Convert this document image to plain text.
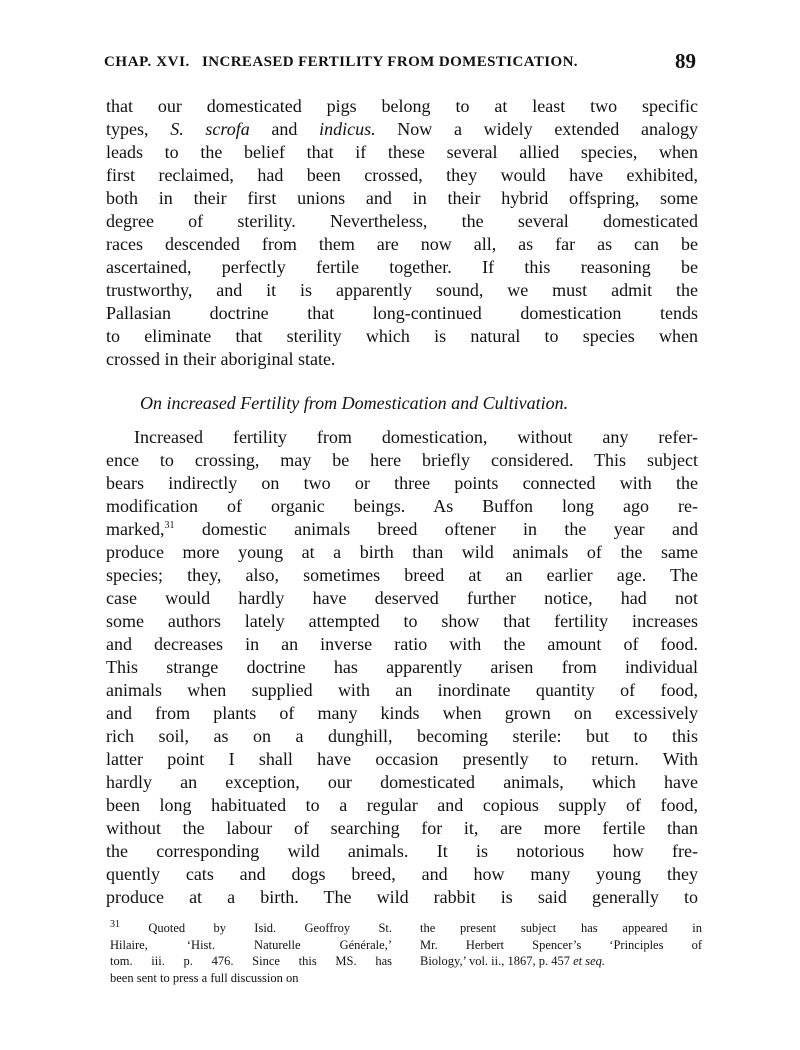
CHAP. XVI. INCREASED FERTILITY FROM DOMESTICATION.	89
that our domesticated pigs belong to at least two specific
types, S. scrofa and indicus. Now a widely extended analogy
leads to the belief that if these several allied species, when
first reclaimed, had been crossed, they would have exhibited,
both in their first unions and in their hybrid offspring, some
degree of sterility. Nevertheless, the several domesticated
races descended from them are now all, as far as can be
ascertained, perfectly fertile together. If this reasoning be
trustworthy, and it is apparently sound, we must admit the
Pallasian doctrine that long-continued domestication tends
to eliminate that sterility which is natural to species when
crossed in their aboriginal state.
On increased Fertility from Domestication and Cultivation.
Increased fertility from domestication, without any refer-
ence to crossing, may be here briefly considered. This subject
bears indirectly on two or three points connected with the
modification of organic beings. As Buffon long ago re-
marked,$^{31}$ domestic animals breed oftener in the year and
produce more young at a birth than wild animals of the same
species; they, also, sometimes breed at an earlier age. The
case would hardly have deserved further notice, had not
some authors lately attempted to show that fertility increases
and decreases in an inverse ratio with the amount of food.
This strange doctrine has apparently arisen from individual
animals when supplied with an inordinate quantity of food,
and from plants of many kinds when grown on excessively
rich soil, as on a dunghill, becoming sterile: but to this
latter point I shall have occasion presently to return. With
hardly an exception, our domesticated animals, which have
been long habituated to a regular and copious supply of food,
without the labour of searching for it, are more fertile than
the corresponding wild animals. It is notorious how fre-
quently cats and dogs breed, and how many young they
produce at a birth. The wild rabbit is said generally to
$^{31}$ Quoted by Isid. Geoffroy St.
Hilaire, ‘Hist. Naturelle Générale,’
tom. iii. p. 476. Since this MS. has
been sent to press a full discussion on
the present subject has appeared in
Mr. Herbert Spencer’s ‘Principles of
Biology,’ vol. ii., 1867, p. 457 et seq.
